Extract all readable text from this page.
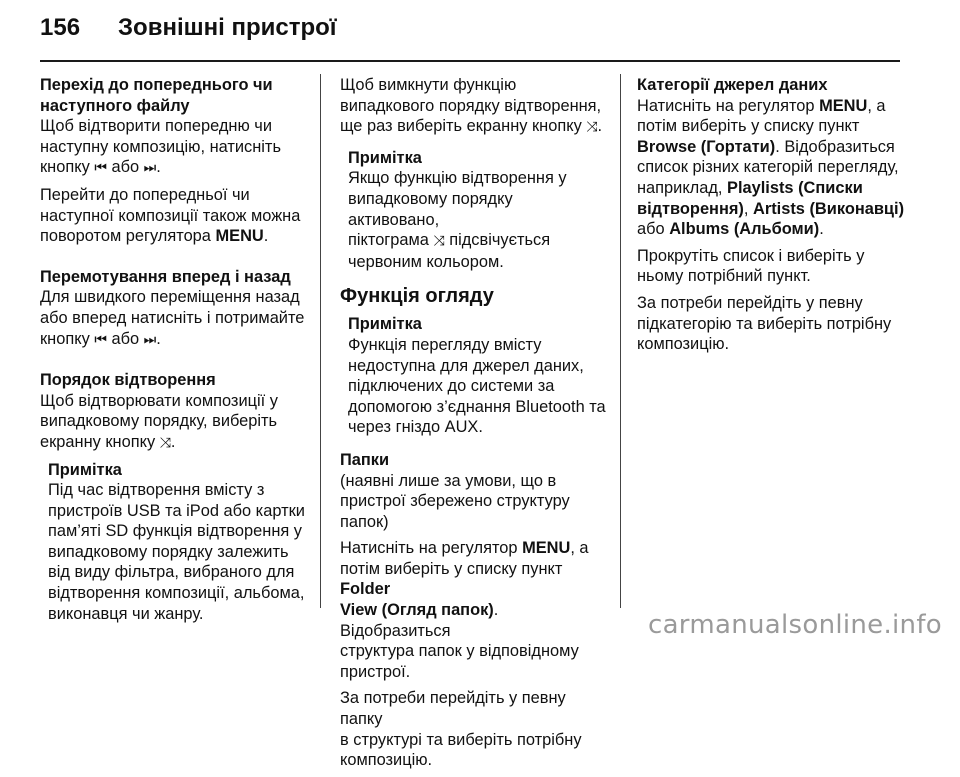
156	Зовнішні пристрої
Перехід до попереднього чи
наступного файлу

Щоб відтворити попередню чи
наступну композицію, натисніть
кнопку ⏮ або ⏭.

Перейти до попередньої чи
наступної композиції також можна
поворотом регулятора MENU.

Перемотування вперед і назад

Для швидкого переміщення назад
або вперед натисніть і потримайте
кнопку ⏮ або ⏭.

Порядок відтворення

Щоб відтворювати композиції у
випадковому порядку, виберіть
екранну кнопку ⤨.

Примітка
Під час відтворення вмісту з
пристроїв USB та iPod або картки
пам’яті SD функція відтворення у
випадковому порядку залежить
від виду фільтра, вибраного для
відтворення композиції, альбома,
виконавця чи жанру.

Щоб вимкнути функцію
випадкового порядку відтворення,
ще раз виберіть екранну кнопку ⤨.

Примітка
Якщо функцію відтворення у
випадковому порядку активовано,
піктограма ⤨ підсвічується
червоним кольором.
Функція огляду
Примітка
Функція перегляду вмісту
недоступна для джерел даних,
підключених до системи за
допомогою з’єднання Bluetooth та
через гніздо AUX.
Папки

(наявні лише за умови, що в
пристрої збережено структуру
папок)

Натисніть на регулятор MENU, а
потім виберіть у списку пункт Folder
View (Огляд папок). Відобразиться
структура папок у відповідному
пристрої.

За потреби перейдіть у певну папку
в структурі та виберіть потрібну
композицію.

Категорії джерел даних

Натисніть на регулятор MENU, а
потім виберіть у списку пункт
Browse (Гортати). Відобразиться
список різних категорій перегляду,
наприклад, Playlists (Списки
відтворення), Artists (Виконавці)
або Albums (Альбоми).

Прокрутіть список і виберіть у
ньому потрібний пункт.

За потреби перейдіть у певну
підкатегорію та виберіть потрібну
композицію.

carmanualsonline.info
